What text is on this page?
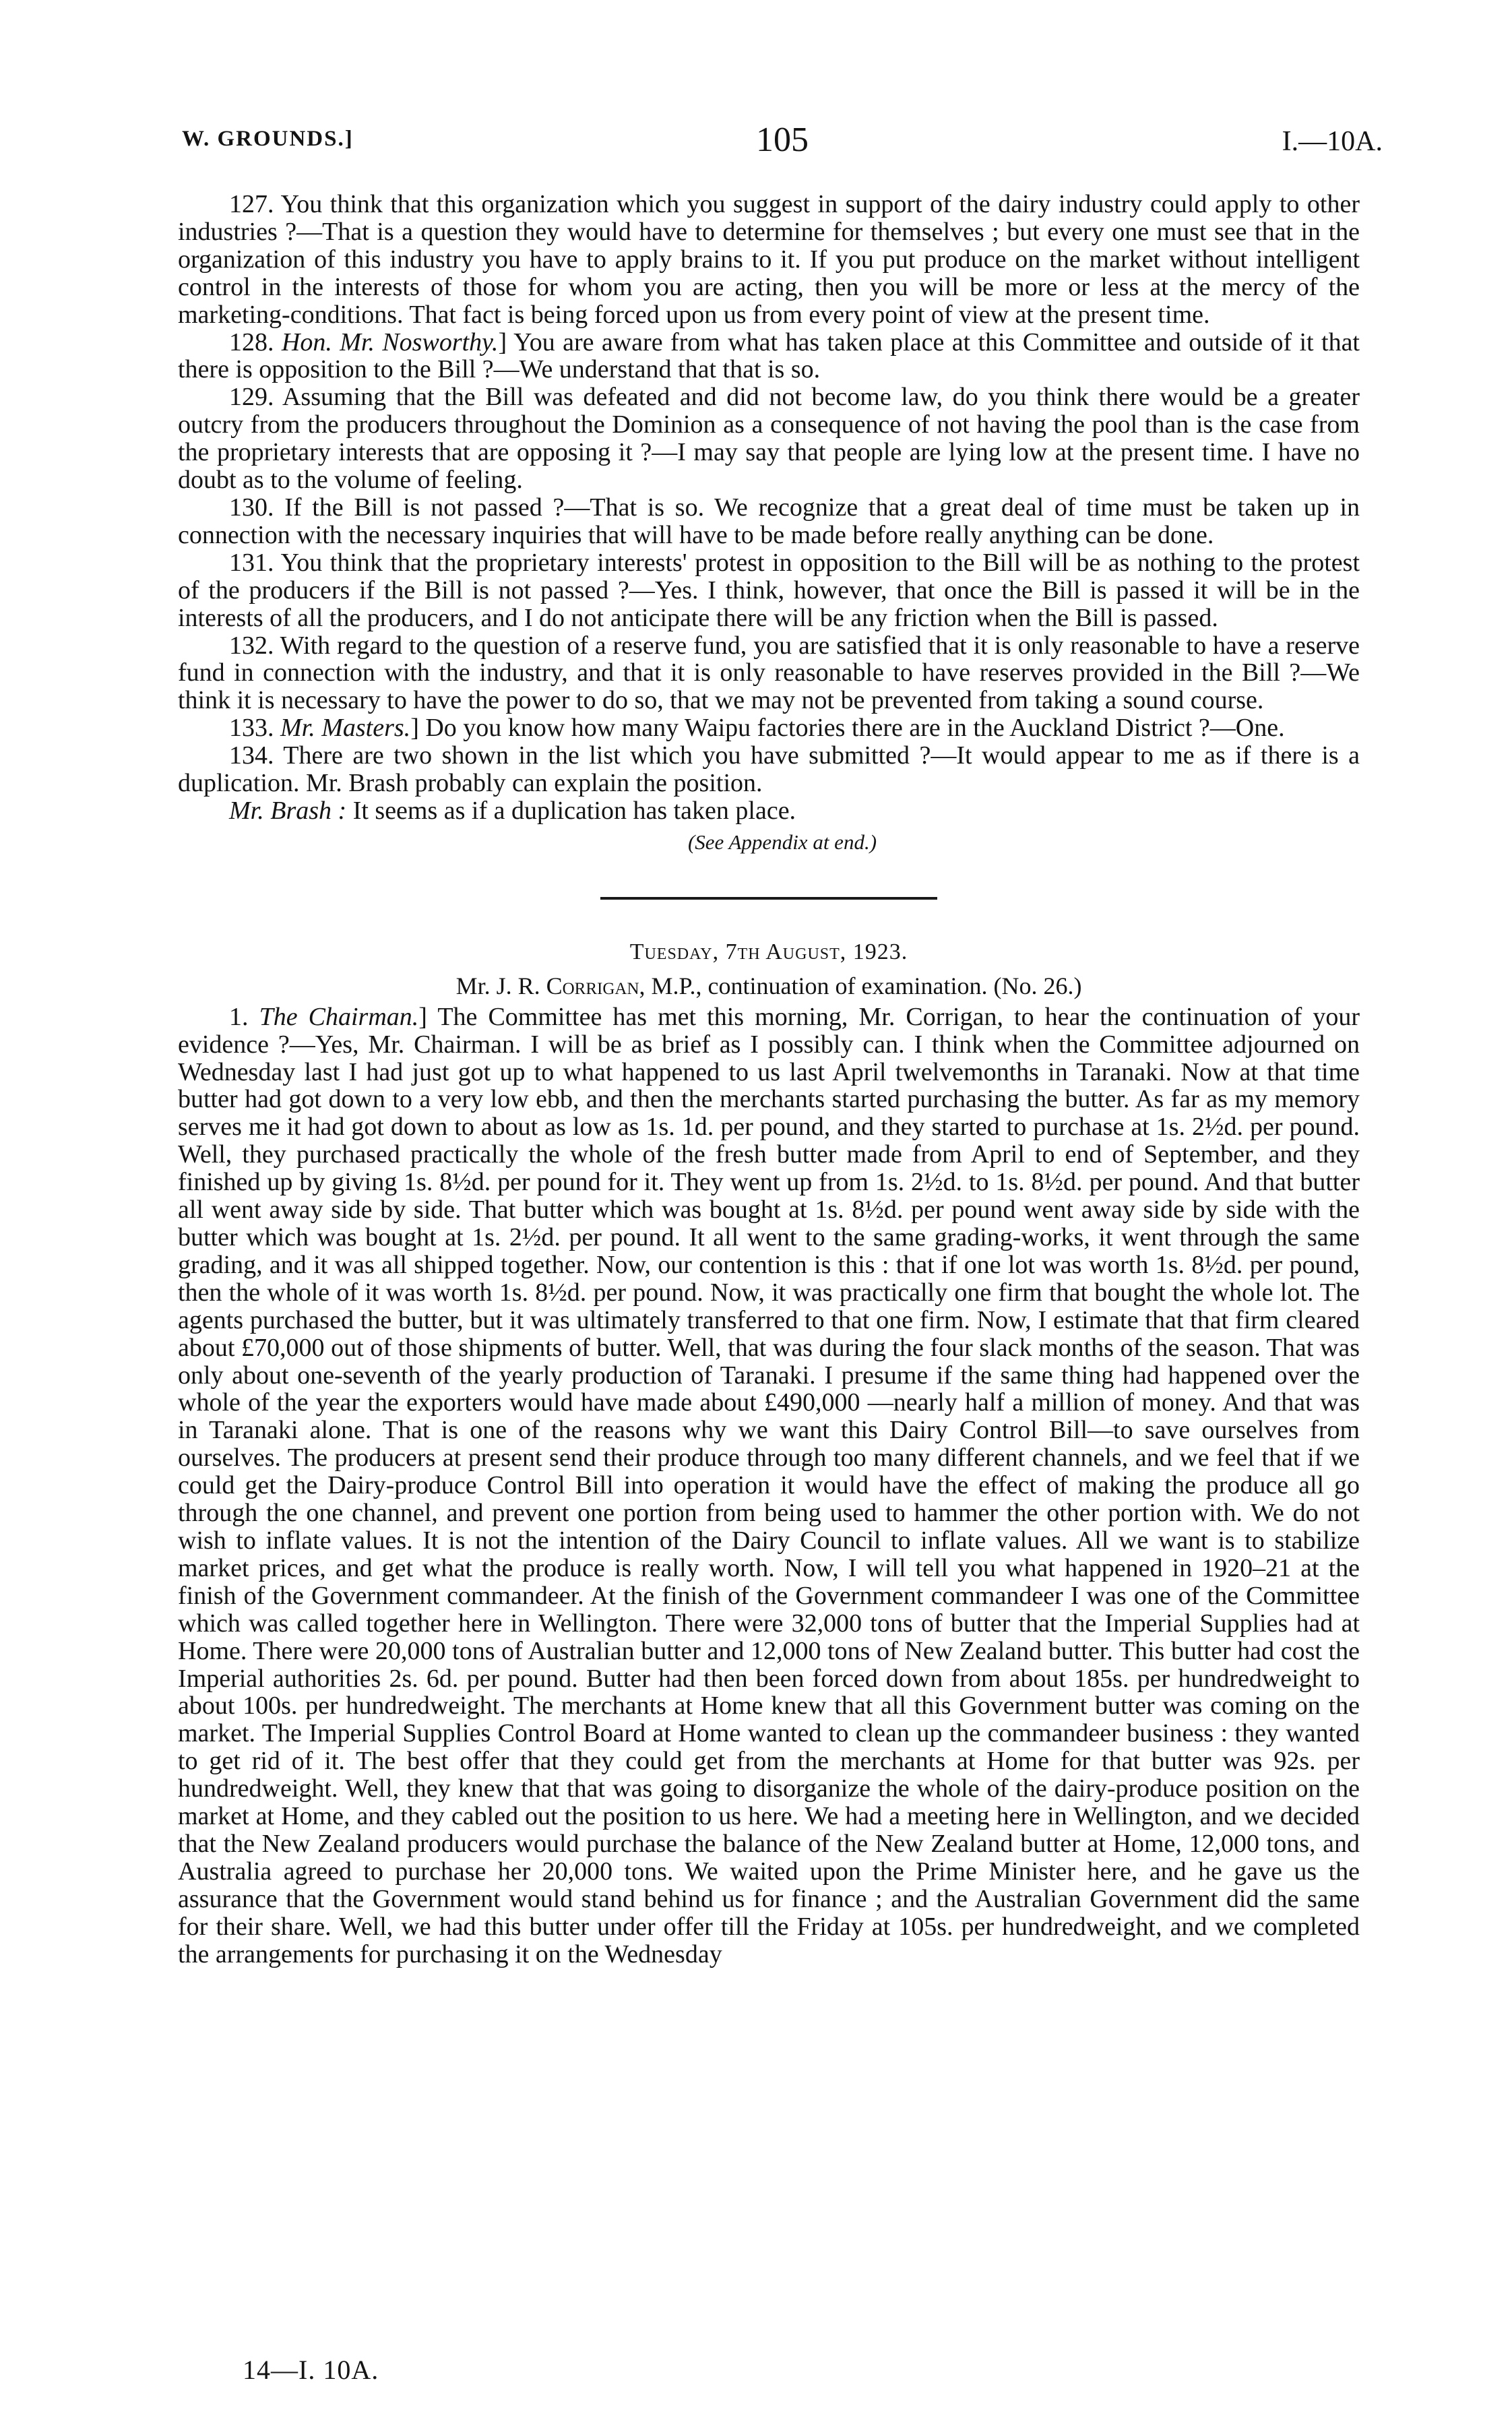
W. GROUNDS.]	105	I.—10A.

127. You think that this organization which you suggest in support of the dairy industry could apply to other industries ?—That is a question they would have to determine for themselves ; but every one must see that in the organization of this industry you have to apply brains to it. If you put produce on the market without intelligent control in the interests of those for whom you are acting, then you will be more or less at the mercy of the marketing-conditions. That fact is being forced upon us from every point of view at the present time.

128. Hon. Mr. Nosworthy.] You are aware from what has taken place at this Committee and outside of it that there is opposition to the Bill ?—We understand that that is so.

129. Assuming that the Bill was defeated and did not become law, do you think there would be a greater outcry from the producers throughout the Dominion as a consequence of not having the pool than is the case from the proprietary interests that are opposing it ?—I may say that people are lying low at the present time. I have no doubt as to the volume of feeling.

130. If the Bill is not passed ?—That is so. We recognize that a great deal of time must be taken up in connection with the necessary inquiries that will have to be made before really anything can be done.

131. You think that the proprietary interests' protest in opposition to the Bill will be as nothing to the protest of the producers if the Bill is not passed ?—Yes. I think, however, that once the Bill is passed it will be in the interests of all the producers, and I do not anticipate there will be any friction when the Bill is passed.

132. With regard to the question of a reserve fund, you are satisfied that it is only reasonable to have a reserve fund in connection with the industry, and that it is only reasonable to have reserves provided in the Bill ?—We think it is necessary to have the power to do so, that we may not be prevented from taking a sound course.

133. Mr. Masters.] Do you know how many Waipu factories there are in the Auckland District ?—One.

134. There are two shown in the list which you have submitted ?—It would appear to me as if there is a duplication. Mr. Brash probably can explain the position.

Mr. Brash : It seems as if a duplication has taken place.

(See Appendix at end.)

Tuesday, 7th August, 1923.

Mr. J. R. Corrigan, M.P., continuation of examination. (No. 26.)

1. The Chairman.] The Committee has met this morning, Mr. Corrigan, to hear the continuation of your evidence ?—Yes, Mr. Chairman. I will be as brief as I possibly can. I think when the Committee adjourned on Wednesday last I had just got up to what happened to us last April twelvemonths in Taranaki. Now at that time butter had got down to a very low ebb, and then the merchants started purchasing the butter. As far as my memory serves me it had got down to about as low as 1s. 1d. per pound, and they started to purchase at 1s. 2½d. per pound. Well, they purchased practically the whole of the fresh butter made from April to end of September, and they finished up by giving 1s. 8½d. per pound for it. They went up from 1s. 2½d. to 1s. 8½d. per pound. And that butter all went away side by side. That butter which was bought at 1s. 8½d. per pound went away side by side with the butter which was bought at 1s. 2½d. per pound. It all went to the same grading-works, it went through the same grading, and it was all shipped together. Now, our contention is this : that if one lot was worth 1s. 8½d. per pound, then the whole of it was worth 1s. 8½d. per pound. Now, it was practically one firm that bought the whole lot. The agents purchased the butter, but it was ultimately transferred to that one firm. Now, I estimate that that firm cleared about £70,000 out of those shipments of butter. Well, that was during the four slack months of the season. That was only about one-seventh of the yearly production of Taranaki. I presume if the same thing had happened over the whole of the year the exporters would have made about £490,000 —nearly half a million of money. And that was in Taranaki alone. That is one of the reasons why we want this Dairy Control Bill—to save ourselves from ourselves. The producers at present send their produce through too many different channels, and we feel that if we could get the Dairy-produce Control Bill into operation it would have the effect of making the produce all go through the one channel, and prevent one portion from being used to hammer the other portion with. We do not wish to inflate values. It is not the intention of the Dairy Council to inflate values. All we want is to stabilize market prices, and get what the produce is really worth. Now, I will tell you what happened in 1920–21 at the finish of the Government commandeer. At the finish of the Government commandeer I was one of the Committee which was called together here in Wellington. There were 32,000 tons of butter that the Imperial Supplies had at Home. There were 20,000 tons of Australian butter and 12,000 tons of New Zealand butter. This butter had cost the Imperial authorities 2s. 6d. per pound. Butter had then been forced down from about 185s. per hundredweight to about 100s. per hundredweight. The merchants at Home knew that all this Government butter was coming on the market. The Imperial Supplies Control Board at Home wanted to clean up the commandeer business : they wanted to get rid of it. The best offer that they could get from the merchants at Home for that butter was 92s. per hundredweight. Well, they knew that that was going to disorganize the whole of the dairy-produce position on the market at Home, and they cabled out the position to us here. We had a meeting here in Wellington, and we decided that the New Zealand producers would purchase the balance of the New Zealand butter at Home, 12,000 tons, and Australia agreed to purchase her 20,000 tons. We waited upon the Prime Minister here, and he gave us the assurance that the Government would stand behind us for finance ; and the Australian Government did the same for their share. Well, we had this butter under offer till the Friday at 105s. per hundredweight, and we completed the arrangements for purchasing it on the Wednesday

14—I. 10A.
